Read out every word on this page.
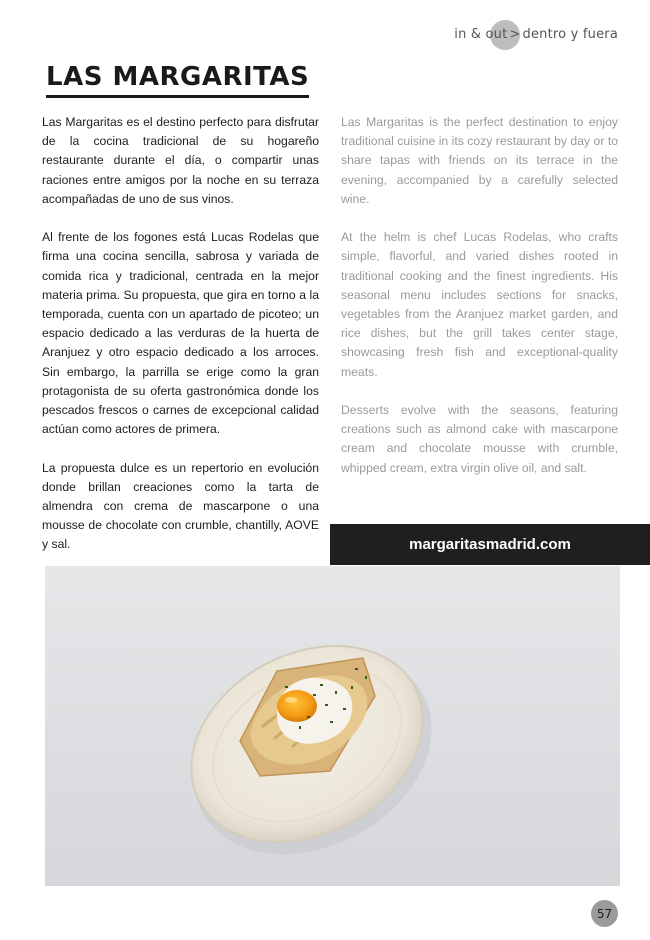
in & out > dentro y fuera
LAS MARGARITAS

Las Margaritas es el destino perfecto para disfrutar de la cocina tradicional de su hogareño restaurante durante el día, o compartir unas raciones entre amigos por la noche en su terraza acompañadas de uno de sus vinos.

Al frente de los fogones está Lucas Rodelas que firma una cocina sencilla, sabrosa y variada de comida rica y tradicional, centrada en la mejor materia prima. Su propuesta, que gira en torno a la temporada, cuenta con un apartado de picoteo; un espacio dedicado a las verduras de la huerta de Aranjuez y otro espacio dedicado a los arroces. Sin embargo, la parrilla se erige como la gran protagonista de su oferta gastronómica donde los pescados frescos o carnes de excepcional calidad actúan como actores de primera.

La propuesta dulce es un repertorio en evolución donde brillan creaciones como la tarta de almendra con crema de mascarpone o una mousse de chocolate con crumble, chantilly, AOVE y sal.

Las Margaritas is the perfect destination to enjoy traditional cuisine in its cozy restaurant by day or to share tapas with friends on its terrace in the evening, accompanied by a carefully selected wine.

At the helm is chef Lucas Rodelas, who crafts simple, flavorful, and varied dishes rooted in traditional cooking and the finest ingredients. His seasonal menu includes sections for snacks, vegetables from the Aranjuez market garden, and rice dishes, but the grill takes center stage, showcasing fresh fish and exceptional-quality meats.

Desserts evolve with the seasons, featuring creations such as almond cake with mascarpone cream and chocolate mousse with crumble, whipped cream, extra virgin olive oil, and salt.

margaritasmadrid.com
57
